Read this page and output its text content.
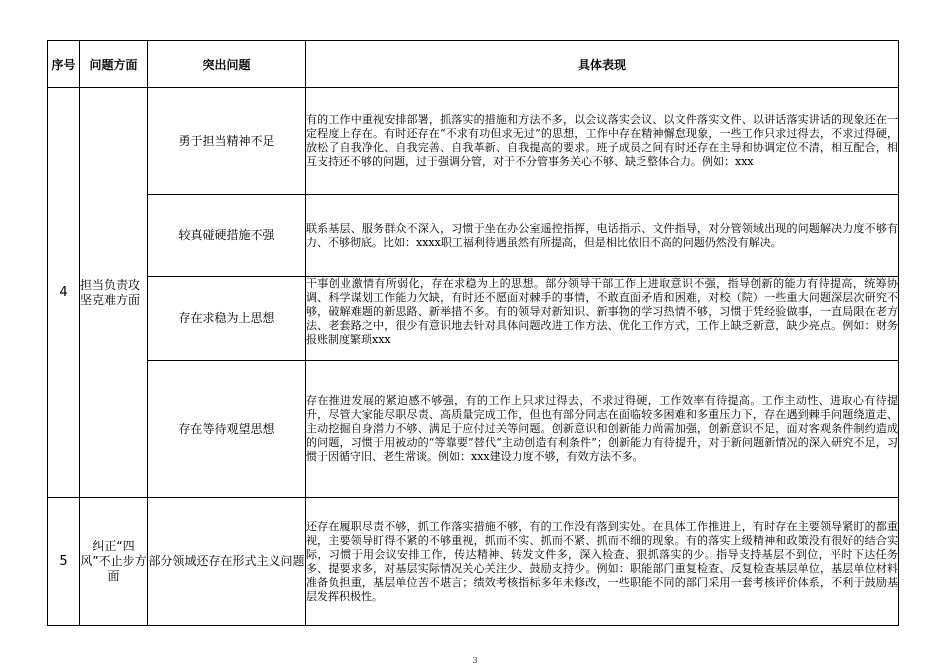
序号	问题方面	突出问题	具体表现
4	担当负责攻坚克难方面	勇于担当精神不足	有的工作中重视安排部署，抓落实的措施和方法不多，以会议落实会议、以文件落实文件、以讲话落实讲话的现象还在一定程度上存在。有时还存在“不求有功但求无过”的思想，工作中存在精神懈怠现象，一些工作只求过得去，不求过得硬，放松了自我净化、自我完善、自我革新、自我提高的要求。班子成员之间有时还存在主导和协调定位不清，相互配合，相互支持还不够的问题，过于强调分管，对于不分管事务关心不够、缺乏整体合力。例如：xxx
		较真碰硬措施不强	联系基层、服务群众不深入，习惯于坐在办公室遥控指挥，电话指示、文件指导，对分管领域出现的问题解决力度不够有力、不够彻底。比如：xxxx职工福利待遇虽然有所提高，但是相比依旧不高的问题仍然没有解决。
		存在求稳为上思想	干事创业激情有所弱化，存在求稳为上的思想。部分领导干部工作上进取意识不强，指导创新的能力有待提高，统筹协调、科学谋划工作能力欠缺，有时还不愿面对棘手的事情，不敢直面矛盾和困难，对校（院）一些重大问题深层次研究不够，破解难题的新思路、新举措不多。有的领导对新知识、新事物的学习热情不够，习惯于凭经验做事，一直局限在老方法、老套路之中，很少有意识地去针对具体问题改进工作方法、优化工作方式，工作上缺乏新意，缺少亮点。例如：财务报账制度繁琐xxx
		存在等待观望思想	存在推进发展的紧迫感不够强，有的工作上只求过得去，不求过得硬，工作效率有待提高。工作主动性、进取心有待提升，尽管大家能尽职尽责、高质量完成工作，但也有部分同志在面临较多困难和多重压力下，存在遇到棘手问题绕道走、主动挖掘自身潜力不够、满足于应付过关等问题。创新意识和创新能力尚需加强，创新意识不足，面对客观条件制约造成的问题，习惯于用被动的“等靠要”替代“主动创造有利条件”；创新能力有待提升，对于新问题新情况的深入研究不足，习惯于因循守旧、老生常谈。例如：xxx建设力度不够，有效方法不多。
5	纠正“四风”不止步方面	部分领域还存在形式主义问题	还存在履职尽责不够，抓工作落实措施不够，有的工作没有落到实处。在具体工作推进上，有时存在主要领导紧盯的都重视，主要领导盯得不紧的不够重视，抓而不实、抓而不紧、抓而不细的现象。有的落实上级精神和政策没有很好的结合实际，习惯于用会议安排工作，传达精神、转发文件多，深入检查、狠抓落实的少。指导支持基层不到位，平时下达任务多、提要求多，对基层实际情况关心关注少、鼓励支持少。例如：职能部门重复检查、反复检查基层单位，基层单位材料准备负担重，基层单位苦不堪言；绩效考核指标多年未修改，一些职能不同的部门采用一套考核评价体系，不利于鼓励基层发挥积极性。
3
